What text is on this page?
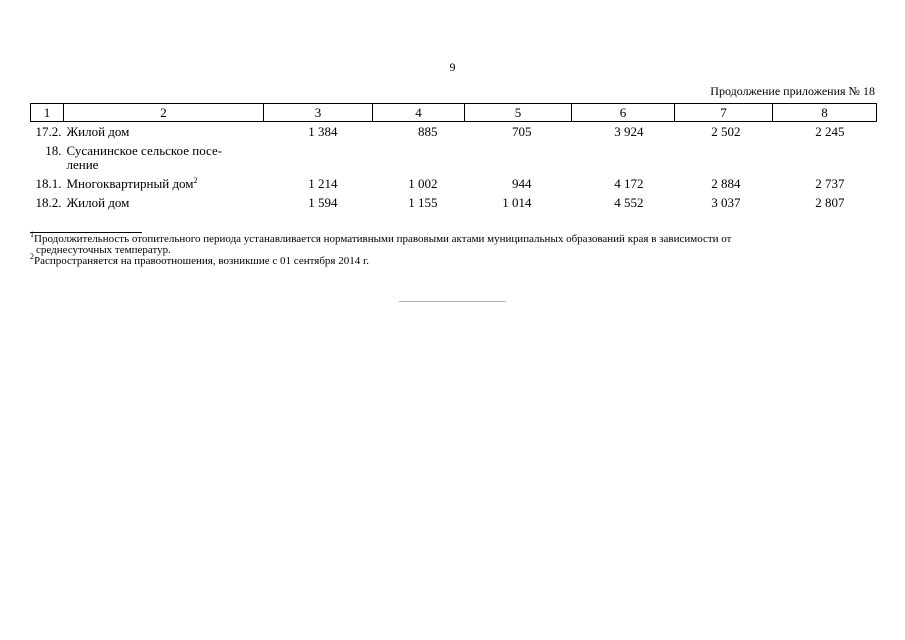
9
Продолжение приложения № 18
1	2	3	4	5	6	7	8
17.2.	Жилой дом	1 384	885	705	3 924	2 502	2 245
18.	Сусанинское сельское посе-
ление						
18.1.	Многоквартирный дом$^2$	1 214	1 002	944	4 172	2 884	2 737
18.2.	Жилой дом	1 594	1 155	1 014	4 552	3 037	2 807
$^1$Продолжительность отопительного периода устанавливается нормативными правовыми актами муниципальных образований края в зависимости от
среднесуточных температур.
$^2$Распространяется на правоотношения, возникшие с 01 сентября 2014 г.
